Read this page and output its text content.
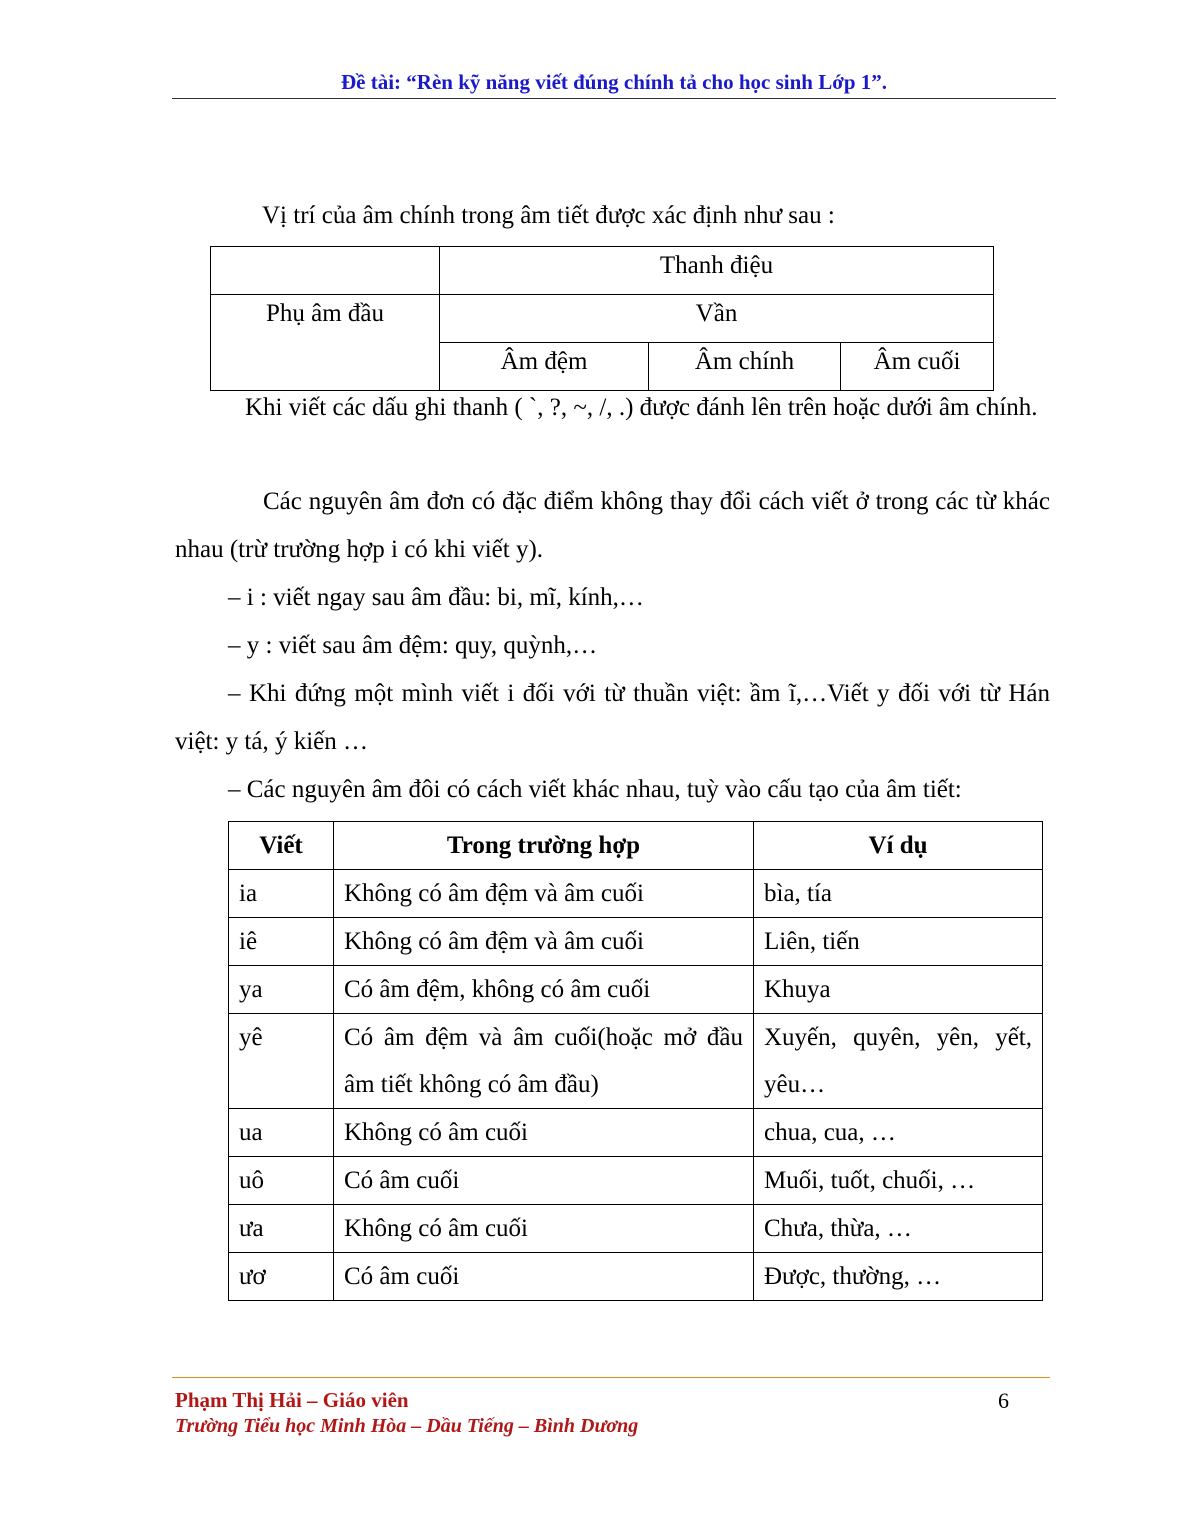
Đề tài: “Rèn kỹ năng viết đúng chính tả cho học sinh Lớp 1”.

Vị trí của âm chính trong âm tiết được xác định như sau :

	Thanh điệu		
Phụ âm đầu	Vần		
	Âm đệm	Âm chính	Âm cuối

Khi viết các dấu ghi thanh ( `, ?, ~, /, .) được đánh lên trên hoặc dưới âm chính.

Các nguyên âm đơn có đặc điểm không thay đổi cách viết ở trong các từ khác nhau (trừ trường hợp i có khi viết y).

– i : viết ngay sau âm đầu: bi, mĩ, kính,…

– y : viết sau âm đệm: quy, quỳnh,…

– Khi đứng một mình viết i đối với từ thuần việt: ầm ĩ,…Viết y đối với từ Hán việt: y tá, ý kiến …

– Các nguyên âm đôi có cách viết khác nhau, tuỳ vào cấu tạo của âm tiết:

Viết	Trong trường hợp	Ví dụ
ia	Không có âm đệm và âm cuối	bìa, tía
iê	Không có âm đệm và âm cuối	Liên, tiến
ya	Có âm đệm, không có âm cuối	Khuya
yê	Có âm đệm và âm cuối(hoặc mở đầu âm tiết không có âm đầu)	Xuyến, quyên, yên, yết, yêu…
ua	Không có âm cuối	chua, cua, …
uô	Có âm cuối	Muối, tuốt, chuối, …
ưa	Không có âm cuối	Chưa, thừa, …
ươ	Có âm cuối	Được, thường, …
Phạm Thị Hải – Giáo viên
Trường Tiểu học Minh Hòa – Dầu Tiếng – Bình Dương
6
